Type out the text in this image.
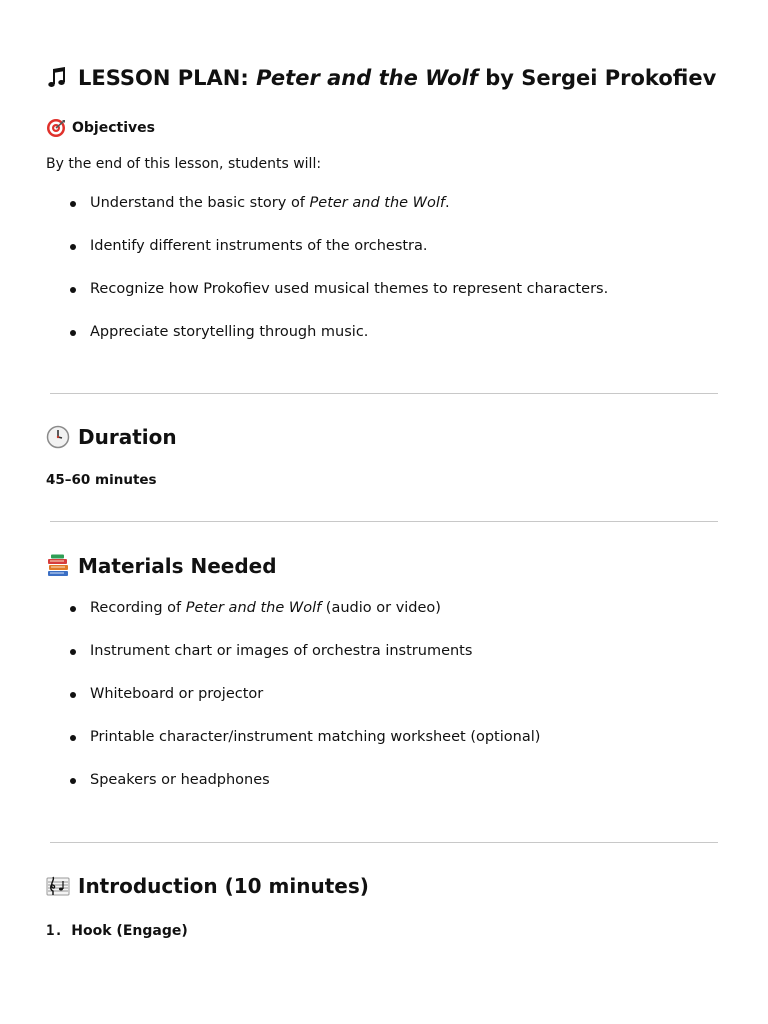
LESSON PLAN: Peter and the Wolf by Sergei Prokofiev
Objectives
By the end of this lesson, students will:
Understand the basic story of Peter and the Wolf.
Identify different instruments of the orchestra.
Recognize how Prokofiev used musical themes to represent characters.
Appreciate storytelling through music.
Duration
45–60 minutes
Materials Needed
Recording of Peter and the Wolf (audio or video)
Instrument chart or images of orchestra instruments
Whiteboard or projector
Printable character/instrument matching worksheet (optional)
Speakers or headphones
Introduction (10 minutes)
1. Hook (Engage)
